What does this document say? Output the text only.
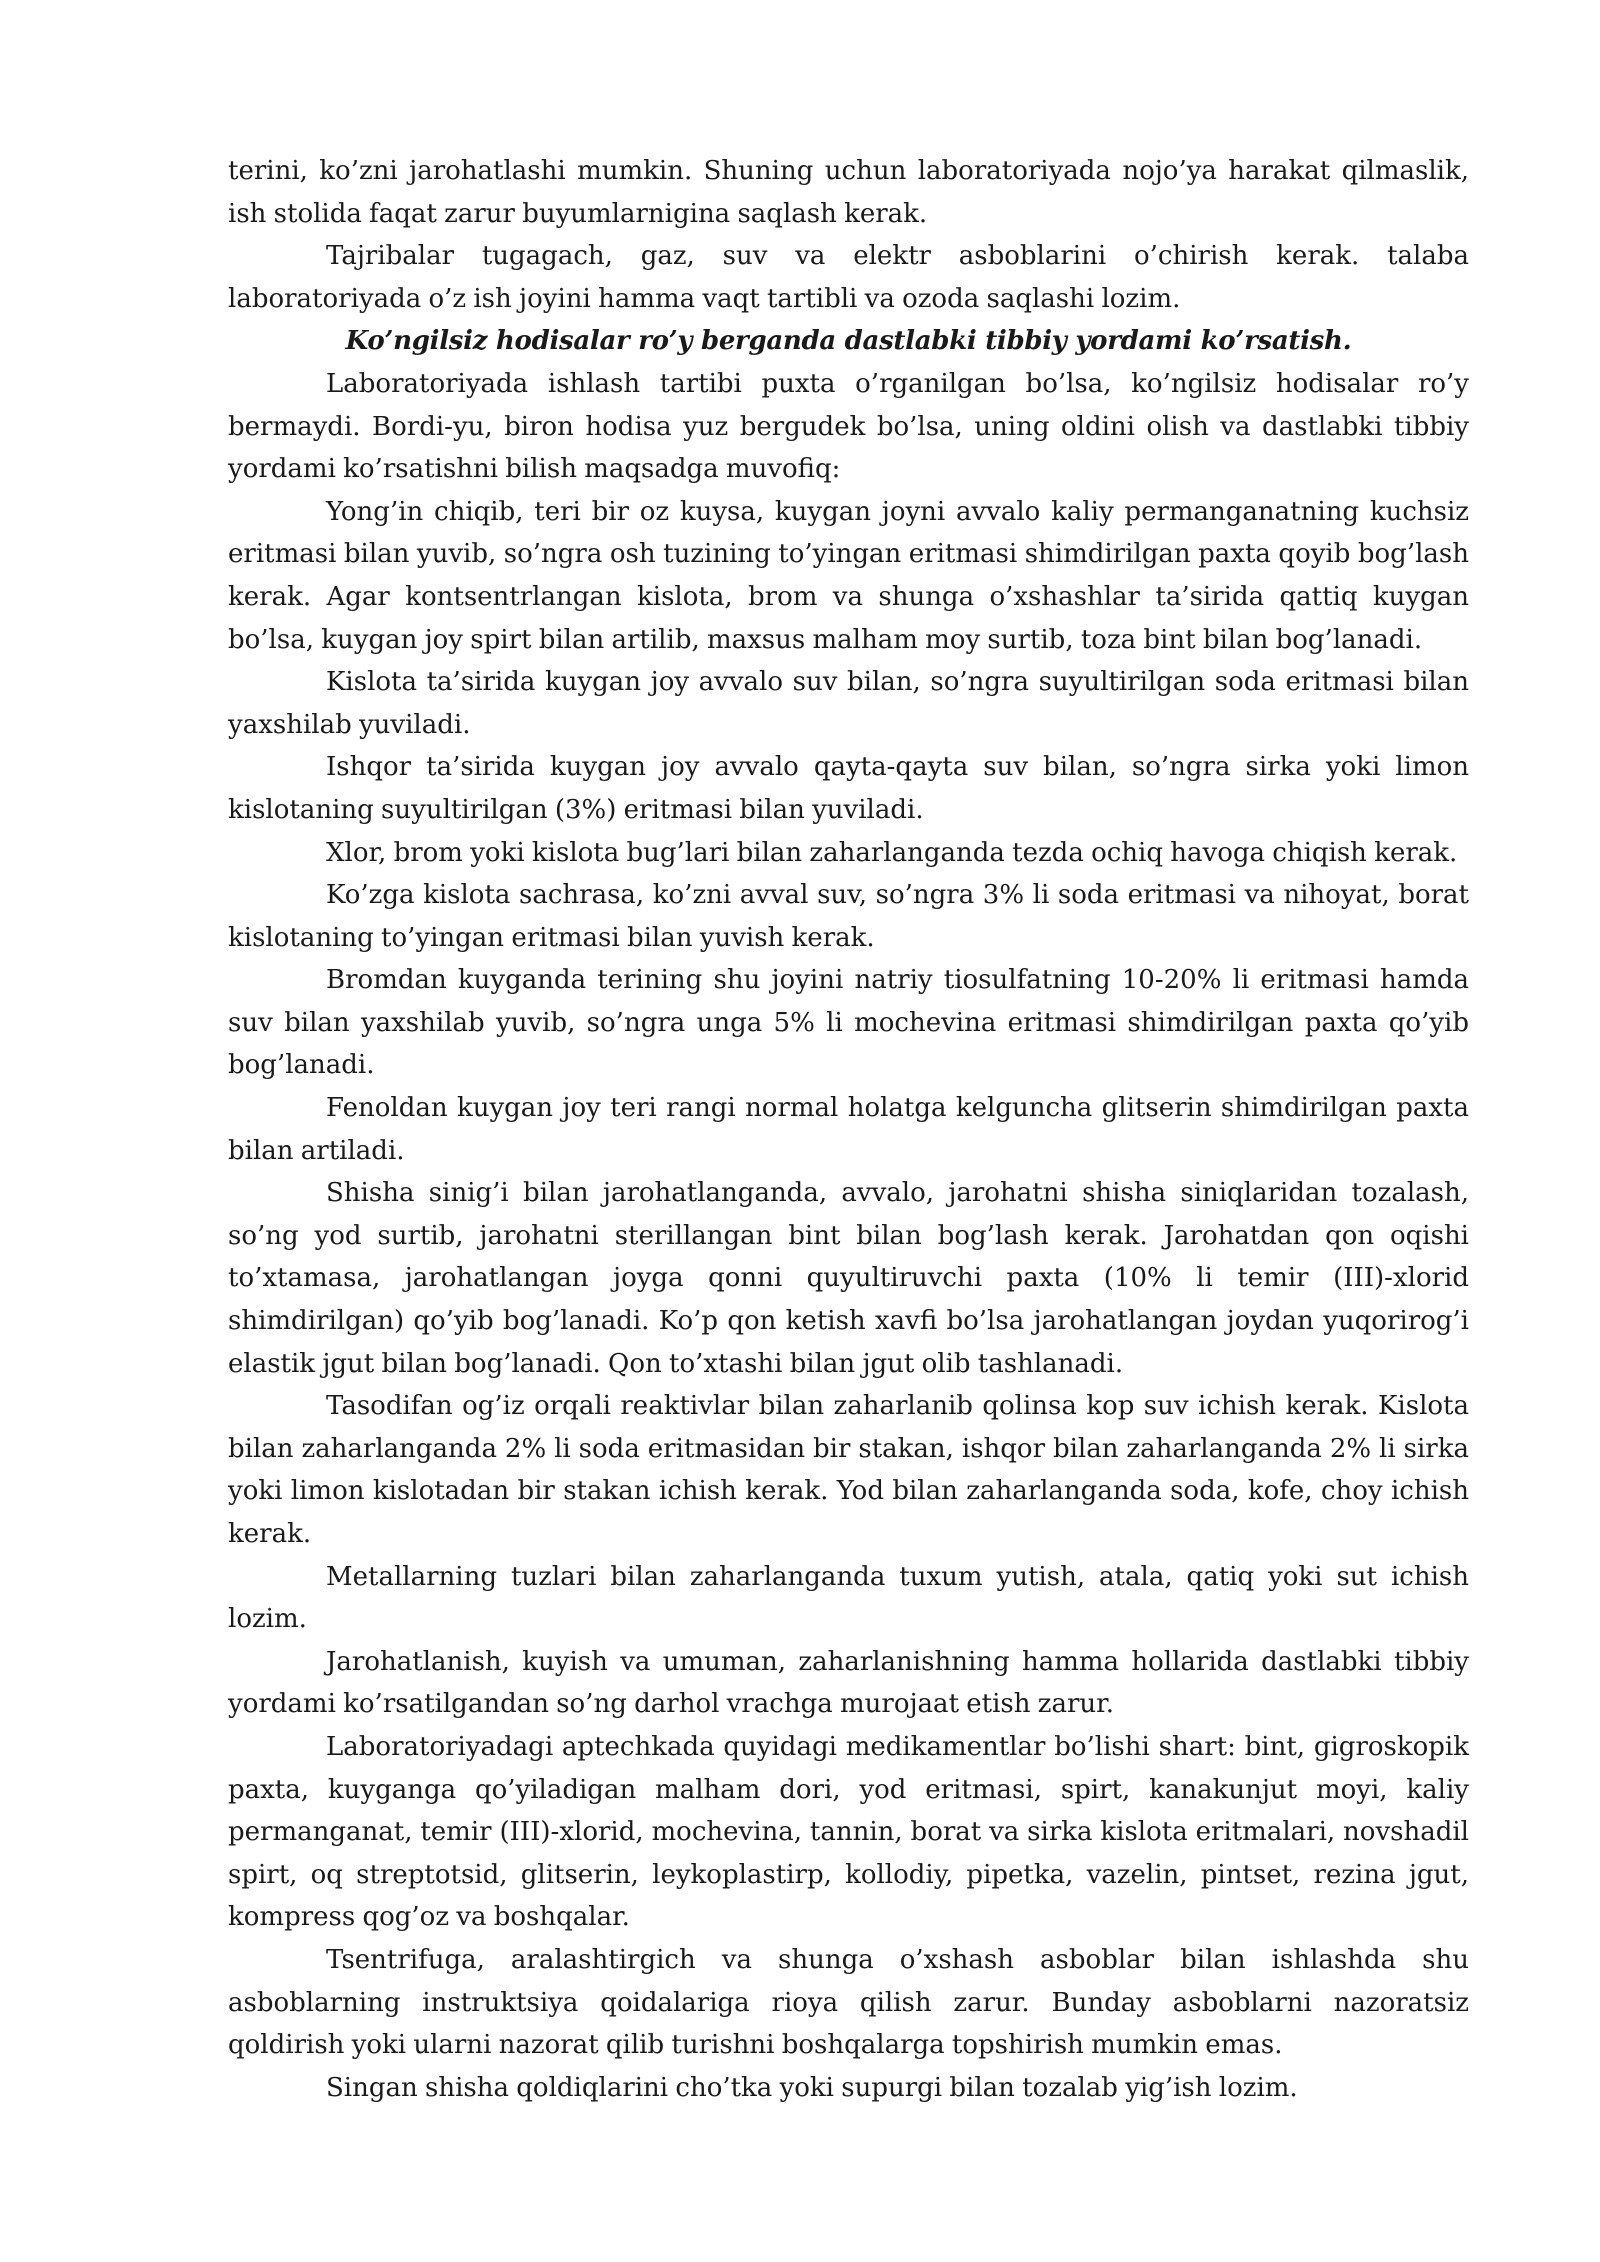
terini, ko’zni jarohatlashi mumkin. Shuning uchun laboratoriyada nojo’ya harakat qilmaslik, ish stolida faqat zarur buyumlarnigina saqlash kerak.

Tajribalar tugagach, gaz, suv va elektr asboblarini o’chirish kerak. talaba laboratoriyada o’z ish joyini hamma vaqt tartibli va ozoda saqlashi lozim.

Ko’ngilsiz hodisalar ro’y berganda dastlabki tibbiy yordami ko’rsatish.

Laboratoriyada ishlash tartibi puxta o’rganilgan bo’lsa, ko’ngilsiz hodisalar ro’y bermaydi. Bordi-yu, biron hodisa yuz bergudek bo’lsa, uning oldini olish va dastlabki tibbiy yordami ko’rsatishni bilish maqsadga muvofiq:

Yong’in chiqib, teri bir oz kuysa, kuygan joyni avvalo kaliy permanganatning kuchsiz eritmasi bilan yuvib, so’ngra osh tuzining to’yingan eritmasi shimdirilgan paxta qoyib bog’lash kerak. Agar kontsentrlangan kislota, brom va shunga o’xshashlar ta’sirida qattiq kuygan bo’lsa, kuygan joy spirt bilan artilib, maxsus malham moy surtib, toza bint bilan bog’lanadi.

Kislota ta’sirida kuygan joy avvalo suv bilan, so’ngra suyultirilgan soda eritmasi bilan yaxshilab yuviladi.

Ishqor ta’sirida kuygan joy avvalo qayta-qayta suv bilan, so’ngra sirka yoki limon kislotaning suyultirilgan (3%) eritmasi bilan yuviladi.

Xlor, brom yoki kislota bug’lari bilan zaharlanganda tezda ochiq havoga chiqish kerak.

Ko’zga kislota sachrasa, ko’zni avval suv, so’ngra 3% li soda eritmasi va nihoyat, borat kislotaning to’yingan eritmasi bilan yuvish kerak.

Bromdan kuyganda terining shu joyini natriy tiosulfatning 10-20% li eritmasi hamda suv bilan yaxshilab yuvib, so’ngra unga 5% li mochevina eritmasi shimdirilgan paxta qo’yib bog’lanadi.

Fenoldan kuygan joy teri rangi normal holatga kelguncha glitserin shimdirilgan paxta bilan artiladi.

Shisha sinig’i bilan jarohatlanganda, avvalo, jarohatni shisha siniqlaridan tozalash, so’ng yod surtib, jarohatni sterillangan bint bilan bog’lash kerak. Jarohatdan qon oqishi to’xtamasa, jarohatlangan joyga qonni quyultiruvchi paxta (10% li temir (III)-xlorid shimdirilgan) qo’yib bog’lanadi. Ko’p qon ketish xavfi bo’lsa jarohatlangan joydan yuqorirog’i elastik jgut bilan bog’lanadi. Qon to’xtashi bilan jgut olib tashlanadi.

Tasodifan og’iz orqali reaktivlar bilan zaharlanib qolinsa kop suv ichish kerak. Kislota bilan zaharlanganda 2% li soda eritmasidan bir stakan, ishqor bilan zaharlanganda 2% li sirka yoki limon kislotadan bir stakan ichish kerak. Yod bilan zaharlanganda soda, kofe, choy ichish kerak.

Metallarning tuzlari bilan zaharlanganda tuxum yutish, atala, qatiq yoki sut ichish lozim.

Jarohatlanish, kuyish va umuman, zaharlanishning hamma hollarida dastlabki tibbiy yordami ko’rsatilgandan so’ng darhol vrachga murojaat etish zarur.

Laboratoriyadagi aptechkada quyidagi medikamentlar bo’lishi shart: bint, gigroskopik paxta, kuyganga qo’yiladigan malham dori, yod eritmasi, spirt, kanakunjut moyi, kaliy permanganat, temir (III)-xlorid, mochevina, tannin, borat va sirka kislota eritmalari, novshadil spirt, oq streptotsid, glitserin, leykoplastirp, kollodiy, pipetka, vazelin, pintset, rezina jgut, kompress qog’oz va boshqalar.

Tsentrifuga, aralashtirgich va shunga o’xshash asboblar bilan ishlashda shu asboblarning instruktsiya qoidalariga rioya qilish zarur. Bunday asboblarni nazoratsiz qoldirish yoki ularni nazorat qilib turishni boshqalarga topshirish mumkin emas.

Singan shisha qoldiqlarini cho’tka yoki supurgi bilan tozalab yig’ish lozim.
